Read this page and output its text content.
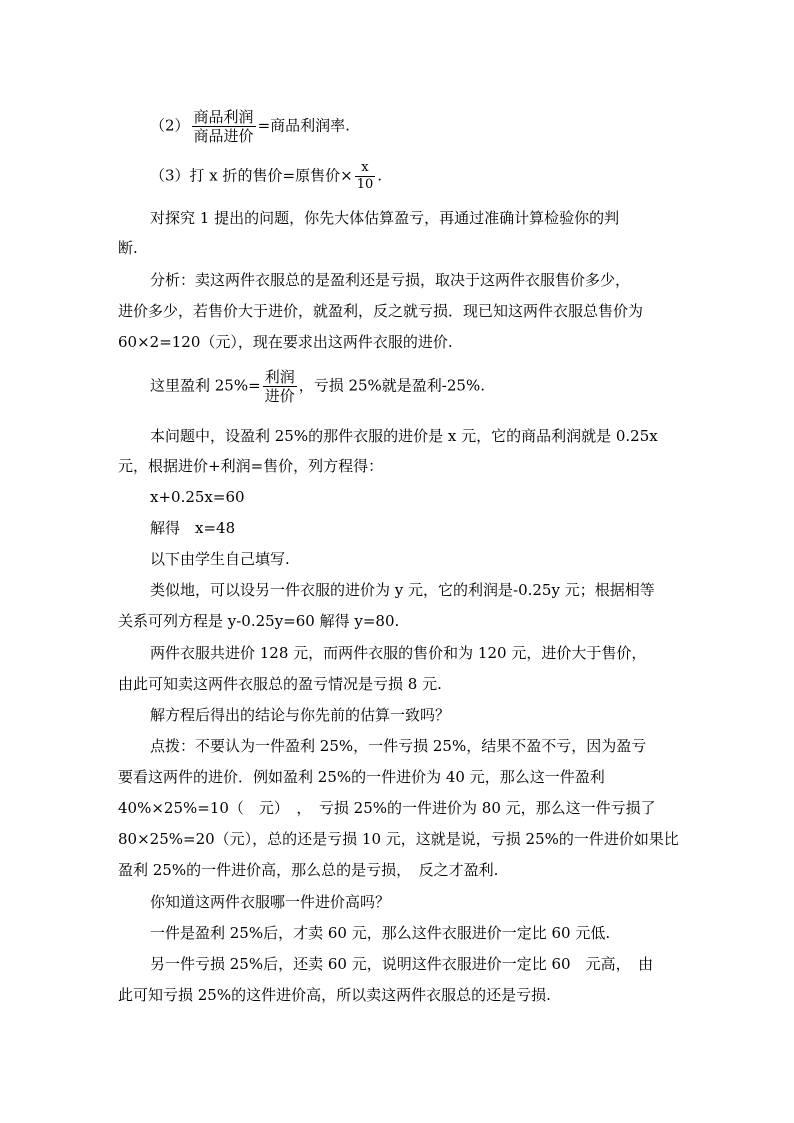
$(2) \frac{\text{商品利润}}{\text{商品进价}}$ =商品利润率.
（3）打 x 折的售价=原售价× $\frac{x}{10}$ .
对探究 1 提出的问题，你先大体估算盈亏，再通过准确计算检验你的判
断.
分析：卖这两件衣服总的是盈利还是亏损，取决于这两件衣服售价多少，
进价多少，若售价大于进价，就盈利，反之就亏损．现已知这两件衣服总售价为
60×2=120（元），现在要求出这两件衣服的进价.
这里盈利 $25\%= \frac{\text{利润}}{\text{进价}}$ ，亏损 25%就是盈利-25%.
本问题中，设盈利 25%的那件衣服的进价是 x 元，它的商品利润就是 0.25x
元，根据进价+利润=售价，列方程得：
x+0.25x=60
解得　x=48
以下由学生自己填写.
类似地，可以设另一件衣服的进价为 y 元，它的利润是-0.25y 元；根据相等
关系可列方程是 y-0.25y=60 解得 y=80.
两件衣服共进价 128 元，而两件衣服的售价和为 120 元，进价大于售价，
由此可知卖这两件衣服总的盈亏情况是亏损 8 元.
解方程后得出的结论与你先前的估算一致吗？
点拨：不要认为一件盈利 25%，一件亏损 25%，结果不盈不亏，因为盈亏
要看这两件的进价．例如盈利 25%的一件进价为 40 元，那么这一件盈利
40%×25%=10（　元）　，　亏损 25%的一件进价为 80 元，那么这一件亏损了
80×25%=20（元），总的还是亏损 10 元，这就是说，亏损 25%的一件进价如果比
盈利 25%的一件进价高，那么总的是亏损，　反之才盈利.
你知道这两件衣服哪一件进价高吗？
一件是盈利 25%后，才卖 60 元，那么这件衣服进价一定比 60 元低.
另一件亏损 25%后，还卖 60 元，说明这件衣服进价一定比 60　元高，　由
此可知亏损 25%的这件进价高，所以卖这两件衣服总的还是亏损.
